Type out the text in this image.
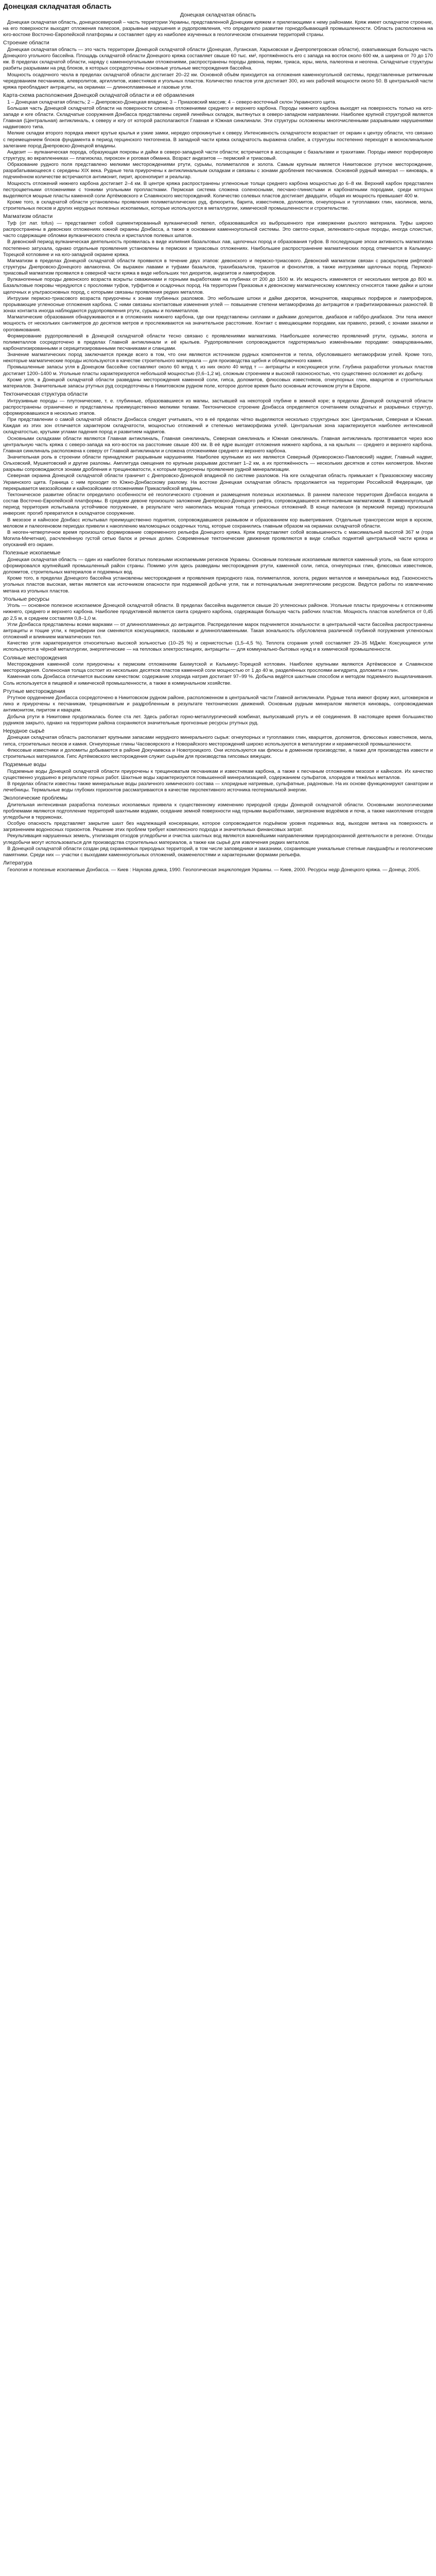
Донецкая складчатая область
Донецкая складчатая область

Донецкая складчатая область, донецкосевирский – часть территории Украины, представленной Донецким кряжем и прилегающими к нему районами. Кряж имеет складчатое строение, на его поверхности выходят отложения палеозоя, разрывные нарушения и рудопроявления, что определило развитие горнодобывающей промышленности. Область расположена на юго-востоке Восточно-Европейской платформы и составляет одну из наиболее изученных в геологическом отношении территорий страны.

Строение области

Донецкая складчатая область — это часть территории Донецкой складчатой области (Донецкая, Луганская, Харьковская и Днепропетровская области), охватывающая большую часть Донецкого угольного бассейна. Площадь складчатой области Донецкого кряжа составляет свыше 60 тыс. км², протяжённость его с запада на восток около 600 км, а ширина от 70 до 170 км. В пределах складчатой области, наряду с каменноугольными отложениями, распространены породы девона, перми, триаса, юры, мела, палеогена и неогена. Складчатые структуры разбиты разрывами на ряд блоков, в которых сосредоточены основные угольные месторождения бассейна.

Мощность осадочного чехла в пределах складчатой области достигает 20–22 км. Основной объём приходится на отложения каменноугольной системы, представленные ритмичным чередованием песчаников, алевролитов, аргиллитов, известняков и угольных пластов. Количество пластов угля достигает 300, из них рабочей мощности около 50. В центральной части кряжа преобладают антрациты, на окраинах — длиннопламенные и газовые угли.

Карта-схема расположения Донецкой складчатой области и её обрамления

1 – Донецкая складчатая область; 2 – Днепровско-Донецкая впадина; 3 – Приазовский массив; 4 – северо-восточный склон Украинского щита.

Большая часть Донецкой складчатой области на поверхности сложена отложениями среднего и верхнего карбона. Породы нижнего карбона выходят на поверхность только на юго-западе и юге области. Складчатые сооружения Донбасса представлены серией линейных складок, вытянутых в северо-западном направлении. Наиболее крупной структурой является Главная (Центральная) антиклиналь, к северу и югу от которой располагаются Главная и Южная синклинали. Эти структуры осложнены многочисленными разрывными нарушениями надвигового типа.

Мелкие складки второго порядка имеют крутые крылья и узкие замки, нередко опрокинутые к северу. Интенсивность складчатости возрастает от окраин к центру области, что связано с перемещением блоков фундамента в период герцинского тектогенеза. В западной части кряжа складчатость выражена слабее, а структуры постепенно переходят в моноклинальное залегание пород Днепровско-Донецкой впадины.

Андезит — вулканическая порода, образующая покровы и дайки в северо-западной части области; встречается в ассоциации с базальтами и трахитами. Породы имеют порфировую структуру, во вкрапленниках — плагиоклаз, пироксен и роговая обманка. Возраст андезитов — пермский и триасовый.

Образование рудного поля представлено мелкими месторождениями ртути, сурьмы, полиметаллов и золота. Самым крупным является Никитовское ртутное месторождение, разрабатывающееся с середины XIX века. Рудные тела приурочены к антиклинальным складкам и связаны с зонами дробления песчаников. Основной рудный минерал — киноварь, в подчинённом количестве встречаются антимонит, пирит, арсенопирит и реальгар.

Мощность отложений нижнего карбона достигает 2–4 км. В центре кряжа распространены угленосные толщи среднего карбона мощностью до 6–8 км. Верхний карбон представлен пестроцветными отложениями с тонкими угольными пропластками. Пермская система сложена соленосными, песчано-глинистыми и карбонатными породами, среди которых выделяются мощные пласты каменной соли Артёмовского и Славянского месторождений. Количество солевых пластов достигает двадцати, общая их мощность превышает 400 м.

Кроме того, в складчатой области установлены проявления полиметаллических руд, флюорита, барита, известняков, доломитов, огнеупорных и тугоплавких глин, каолинов, мела, строительных песков и других нерудных полезных ископаемых, которые используются в металлургии, химической промышленности и строительстве.

Магматизм области

Туф (от лат. tofus) — представляет собой сцементированный вулканический пепел, образовавшийся из выброшенного при извержении рыхлого материала. Туфы широко распространены в девонских отложениях южной окраины Донбасса, а также в основании каменноугольной системы. Это светло-серые, зеленовато-серые породы, иногда слоистые, часто содержащие обломки вулканического стекла и кристаллов полевых шпатов.

В девонский период вулканическая деятельность проявилась в виде излияния базальтовых лав, щелочных пород и образования туфов. В последующие эпохи активность магматизма постепенно затухала, однако отдельные проявления установлены в пермских и триасовых отложениях. Наибольшее распространение магматических пород отмечается в Кальмиус-Торецкой котловине и на юго-западной окраине кряжа.

Магматизм в пределах Донецкой складчатой области проявился в течение двух этапов: девонского и пермско-триасового. Девонский магматизм связан с раскрытием рифтовой структуры Днепровско-Донецкого авлакогена. Он выражен лавами и туфами базальтов, трахибазальтов, трахитов и фонолитов, а также интрузиями щелочных пород. Пермско-триасовый магматизм проявился в северной части кряжа в виде небольших тел диоритов, андезитов и лампрофиров.

Вулканогенные породы девонского возраста вскрыты скважинами и горными выработками на глубинах от 200 до 1500 м. Их мощность изменяется от нескольких метров до 800 м. Базальтовые покровы чередуются с прослоями туфов, туффитов и осадочных пород. На территории Приазовья к девонскому магматическому комплексу относятся также дайки и штоки щелочных и ультраосновных пород, с которыми связаны проявления редких металлов.

Интрузии пермско-триасового возраста приурочены к зонам глубинных разломов. Это небольшие штоки и дайки диоритов, монцонитов, кварцевых порфиров и лампрофиров, прорывающие угленосные отложения карбона. С ними связаны контактовые изменения углей — повышение степени метаморфизма до антрацитов и графитизированных разностей. В зонах контакта иногда наблюдаются рудопроявления ртути, сурьмы и полиметаллов.

Магматические образования обнаруживаются и в отложениях нижнего карбона, где они представлены силлами и дайками долеритов, диабазов и габбро-диабазов. Эти тела имеют мощность от нескольких сантиметров до десятков метров и прослеживаются на значительное расстояние. Контакт с вмещающими породами, как правило, резкий, с зонами закалки и ороговикования.

Формирование рудопроявлений в Донецкой складчатой области тесно связано с проявлениями магматизма. Наибольшее количество проявлений ртути, сурьмы, золота и полиметаллов сосредоточено в пределах Главной антиклинали и её крыльев. Рудопроявления сопровождаются гидротермально изменёнными породами: окварцованными, карбонатизированными и серицитизированными песчаниками и сланцами.

Значение магматических пород заключается прежде всего в том, что они являются источником рудных компонентов и тепла, обусловившего метаморфизм углей. Кроме того, некоторые магматические породы используются в качестве строительного материала — для производства щебня и облицовочного камня.

Промышленные запасы угля в Донецком бассейне составляют около 60 млрд т, из них около 40 млрд т — антрациты и коксующиеся угли. Глубина разработки угольных пластов достигает 1200–1400 м. Угольные пласты характеризуются небольшой мощностью (0,6–1,2 м), сложным строением и высокой газоносностью, что существенно осложняет их добычу.

Кроме угля, в Донецкой складчатой области разведаны месторождения каменной соли, гипса, доломитов, флюсовых известняков, огнеупорных глин, кварцитов и строительных материалов. Значительные запасы ртутных руд сосредоточены в Никитовском рудном поле, которое долгое время было основным источником ртути в Европе.

Тектоническая структура области

Интрузивные породы — плутонические, т. е. глубинные, образовавшиеся из магмы, застывшей на некоторой глубине в земной коре; в пределах Донецкой складчатой области распространены ограниченно и представлены преимущественно мелкими телами. Тектоническое строение Донбасса определяется сочетанием складчатых и разрывных структур, сформировавшихся в несколько этапов.

При представлении о самой складчатой области Донбасса следует учитывать, что в её пределах чётко выделяются несколько структурных зон: Центральная, Северная и Южная. Каждая из этих зон отличается характером складчатости, мощностью отложений и степенью метаморфизма углей. Центральная зона характеризуется наиболее интенсивной складчатостью, крутыми углами падения пород и развитием надвигов.

Основными складками области являются Главная антиклиналь, Главная синклиналь, Северная синклиналь и Южная синклиналь. Главная антиклиналь протягивается через всю центральную часть кряжа с северо-запада на юго-восток на расстояние свыше 400 км. В её ядре выходят отложения нижнего карбона, а на крыльях — среднего и верхнего карбона. Главная синклиналь расположена к северу от Главной антиклинали и сложена отложениями среднего и верхнего карбона.

Значительная роль в строении области принадлежит разрывным нарушениям. Наиболее крупными из них являются Северный (Криворожско-Павловский) надвиг, Главный надвиг, Ольховский, Мушкетовский и другие разломы. Амплитуда смещения по крупным разрывам достигает 1–2 км, а их протяжённость — нескольких десятков и сотен километров. Многие разрывы сопровождаются зонами дробления и трещиноватости, к которым приурочены проявления рудной минерализации.

Северная окраина Донецкой складчатой области граничит с Днепровско-Донецкой впадиной по системе разломов. На юге складчатая область примыкает к Приазовскому массиву Украинского щита. Граница с ним проходит по Южно-Донбасскому разлому. На востоке Донецкая складчатая область продолжается на территории Российской Федерации, где перекрывается мезозойскими и кайнозойскими отложениями Прикаспийской впадины.

Тектоническое развитие области определило особенности её геологического строения и размещения полезных ископаемых. В раннем палеозое территория Донбасса входила в состав Восточно-Европейской платформы. В среднем девоне произошло заложение Днепровско-Донецкого рифта, сопровождавшееся интенсивным магматизмом. В каменноугольный период территория испытывала устойчивое погружение, в результате чего накопилась мощная толща угленосных отложений. В конце палеозоя (в пермский период) произошла инверсия: прогиб превратился в складчатое сооружение.

В мезозое и кайнозое Донбасс испытывал преимущественно поднятия, сопровождавшиеся размывом и образованием кор выветривания. Отдельные трансгрессии моря в юрском, меловом и палеогеновом периодах привели к накоплению маломощных осадочных толщ, которые сохранились главным образом на окраинах складчатой области.

В неоген-четвертичное время произошло формирование современного рельефа Донецкого кряжа. Кряж представляет собой возвышенность с максимальной высотой 367 м (гора Могила-Мечетная), расчленённую густой сетью балок и речных долин. Современные тектонические движения проявляются в виде слабых поднятий центральной части кряжа и опусканий его окраин.

Полезные ископаемые

Донецкая складчатая область — один из наиболее богатых полезными ископаемыми регионов Украины. Основным полезным ископаемым является каменный уголь, на базе которого сформировался крупнейший промышленный район страны. Помимо угля здесь разведаны месторождения ртути, каменной соли, гипса, огнеупорных глин, флюсовых известняков, доломитов, строительных материалов и подземных вод.

Кроме того, в пределах Донецкого бассейна установлены месторождения и проявления природного газа, полиметаллов, золота, редких металлов и минеральных вод. Газоносность угольных пластов высокая, метан является как источником опасности при подземной добыче угля, так и потенциальным энергетическим ресурсом. Ведутся работы по извлечению метана из угольных пластов.

Угольные ресурсы

Уголь — основное полезное ископаемое Донецкой складчатой области. В пределах бассейна выделяется свыше 20 угленосных районов. Угольные пласты приурочены к отложениям нижнего, среднего и верхнего карбона. Наиболее продуктивной является свита среднего карбона, содержащая большую часть рабочих пластов. Мощность пластов колеблется от 0,45 до 2,5 м, в среднем составляя 0,8–1,0 м.

Угли Донбасса представлены всеми марками — от длиннопламенных до антрацитов. Распределение марок подчиняется зональности: в центральной части бассейна распространены антрациты и тощие угли, к периферии они сменяются коксующимися, газовыми и длиннопламенными. Такая зональность обусловлена различной глубиной погружения угленосных отложений и влиянием магматических тел.

Качество угля характеризуется относительно высокой зольностью (10–25 %) и сернистостью (1,5–4,5 %). Теплота сгорания углей составляет 29–35 МДж/кг. Коксующиеся угли используются в чёрной металлургии, энергетические — на тепловых электростанциях, антрациты — для коммунально-бытовых нужд и в химической промышленности.

Соляные месторождения

Месторождения каменной соли приурочены к пермским отложениям Бахмутской и Кальмиус-Торецкой котловин. Наиболее крупными являются Артёмовское и Славянское месторождения. Соленосная толща состоит из нескольких десятков пластов каменной соли мощностью от 1 до 40 м, разделённых прослоями ангидрита, доломита и глин.

Каменная соль Донбасса отличается высоким качеством: содержание хлорида натрия достигает 97–99 %. Добыча ведётся шахтным способом и методом подземного выщелачивания. Соль используется в пищевой и химической промышленности, а также в коммунальном хозяйстве.

Ртутные месторождения

Ртутное оруденение Донбасса сосредоточено в Никитовском рудном районе, расположенном в центральной части Главной антиклинали. Рудные тела имеют форму жил, штокверков и линз и приурочены к песчаникам, трещиноватым и раздробленным в результате тектонических движений. Основным рудным минералом является киноварь, сопровождаемая антимонитом, пиритом и кварцем.

Добыча ртути в Никитовке продолжалась более ста лет. Здесь работал горно-металлургический комбинат, выпускавший ртуть и её соединения. В настоящее время большинство рудников закрыто, однако на территории района сохраняются значительные прогнозные ресурсы ртутных руд.

Нерудное сырьё

Донецкая складчатая область располагает крупными запасами нерудного минерального сырья: огнеупорных и тугоплавких глин, кварцитов, доломитов, флюсовых известняков, мела, гипса, строительных песков и камня. Огнеупорные глины Часовоярского и Новорайского месторождений широко используются в металлургии и керамической промышленности.

Флюсовые известняки и доломиты добываются в районе Докучаевска и Новотроицкого. Они используются как флюсы в доменном производстве, а также для производства извести и строительных материалов. Гипс Артёмовского месторождения служит сырьём для производства гипсовых вяжущих.

Подземные воды

Подземные воды Донецкой складчатой области приурочены к трещиноватым песчаникам и известнякам карбона, а также к песчаным отложениям мезозоя и кайнозоя. Их качество существенно ухудшено в результате горных работ. Шахтные воды характеризуются повышенной минерализацией, содержанием сульфатов, хлоридов и тяжёлых металлов.

В пределах области известны также минеральные воды различного химического состава — хлоридные натриевые, сульфатные, радоновые. На их основе функционируют санатории и лечебницы. Термальные воды глубоких горизонтов рассматриваются в качестве перспективного источника геотермальной энергии.

Экологические проблемы

Длительная интенсивная разработка полезных ископаемых привела к существенному изменению природной среды Донецкой складчатой области. Основными экологическими проблемами являются подтопление территорий шахтными водами, оседание земной поверхности над горными выработками, загрязнение водоёмов и почв, а также накопление отходов угледобычи в терриконах.

Особую опасность представляет закрытие шахт без надлежащей консервации, которое сопровождается подъёмом уровня подземных вод, выходом метана на поверхность и загрязнением водоносных горизонтов. Решение этих проблем требует комплексного подхода и значительных финансовых затрат.

Рекультивация нарушенных земель, утилизация отходов угледобычи и очистка шахтных вод являются важнейшими направлениями природоохранной деятельности в регионе. Отходы угледобычи могут использоваться для производства строительных материалов, а также как сырьё для извлечения редких металлов.

В Донецкой складчатой области создан ряд охраняемых природных территорий, в том числе заповедники и заказники, сохраняющие уникальные степные ландшафты и геологические памятники. Среди них — участки с выходами каменноугольных отложений, окаменелостями и характерными формами рельефа.

Литература

Геология и полезные ископаемые Донбасса. — Киев : Наукова думка, 1990. Геологическая энциклопедия Украины. — Киев, 2000. Ресурсы недр Донецкого кряжа. — Донецк, 2005.
